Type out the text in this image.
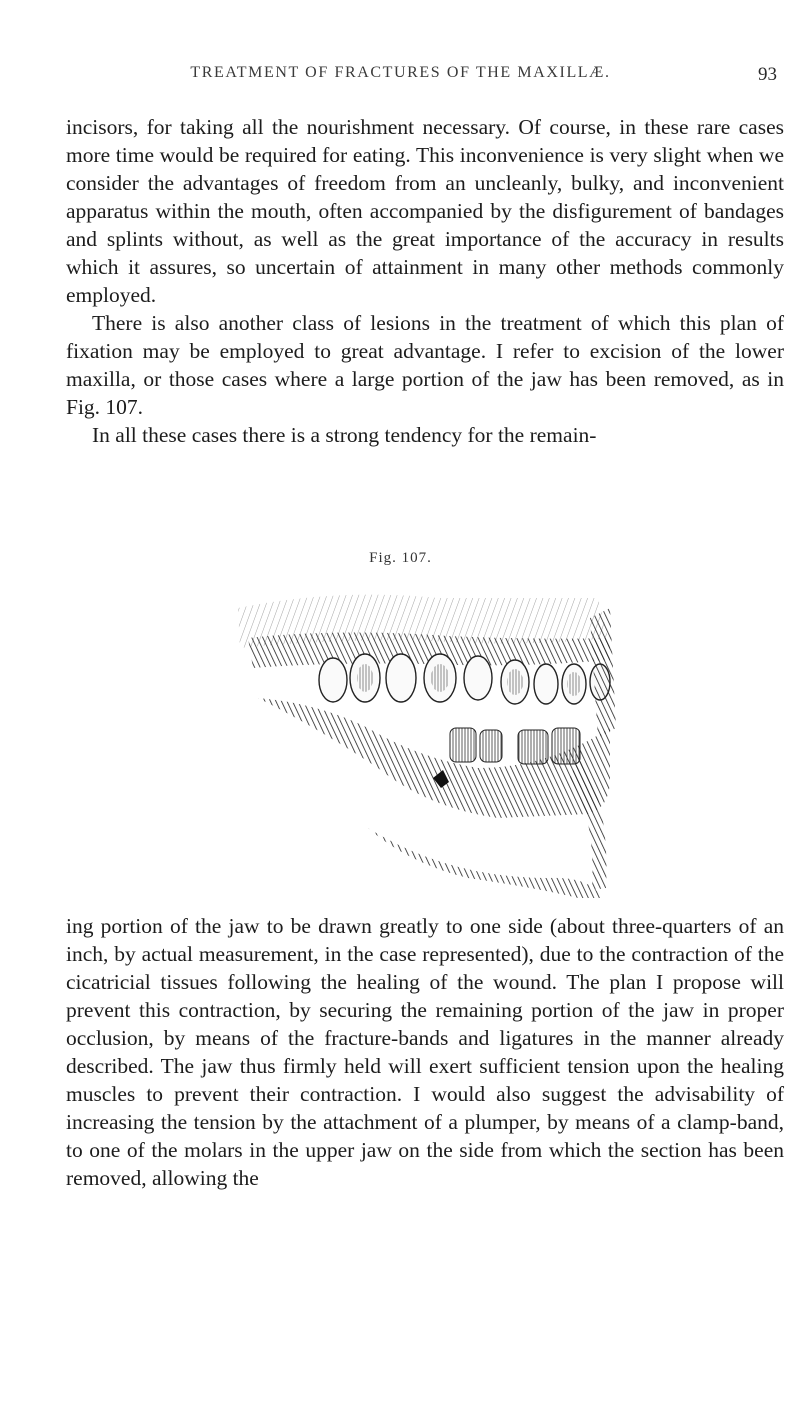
TREATMENT OF FRACTURES OF THE MAXILLÆ.	93

incisors, for taking all the nourishment necessary. Of course, in these rare cases more time would be required for eating. This inconvenience is very slight when we consider the advantages of freedom from an uncleanly, bulky, and inconvenient apparatus within the mouth, often accompanied by the disfigurement of bandages and splints without, as well as the great importance of the accuracy in results which it assures, so uncertain of attainment in many other methods commonly employed.

There is also another class of lesions in the treatment of which this plan of fixation may be employed to great advantage. I refer to excision of the lower maxilla, or those cases where a large portion of the jaw has been removed, as in Fig. 107.

In all these cases there is a strong tendency for the remain-

Fig. 107.

ing portion of the jaw to be drawn greatly to one side (about three-quarters of an inch, by actual measurement, in the case represented), due to the contraction of the cicatricial tissues following the healing of the wound. The plan I propose will prevent this contraction, by securing the remaining portion of the jaw in proper occlusion, by means of the fracture-bands and ligatures in the manner already described. The jaw thus firmly held will exert sufficient tension upon the healing muscles to prevent their contraction. I would also suggest the advisability of increasing the tension by the attachment of a plumper, by means of a clamp-band, to one of the molars in the upper jaw on the side from which the section has been removed, allowing the
